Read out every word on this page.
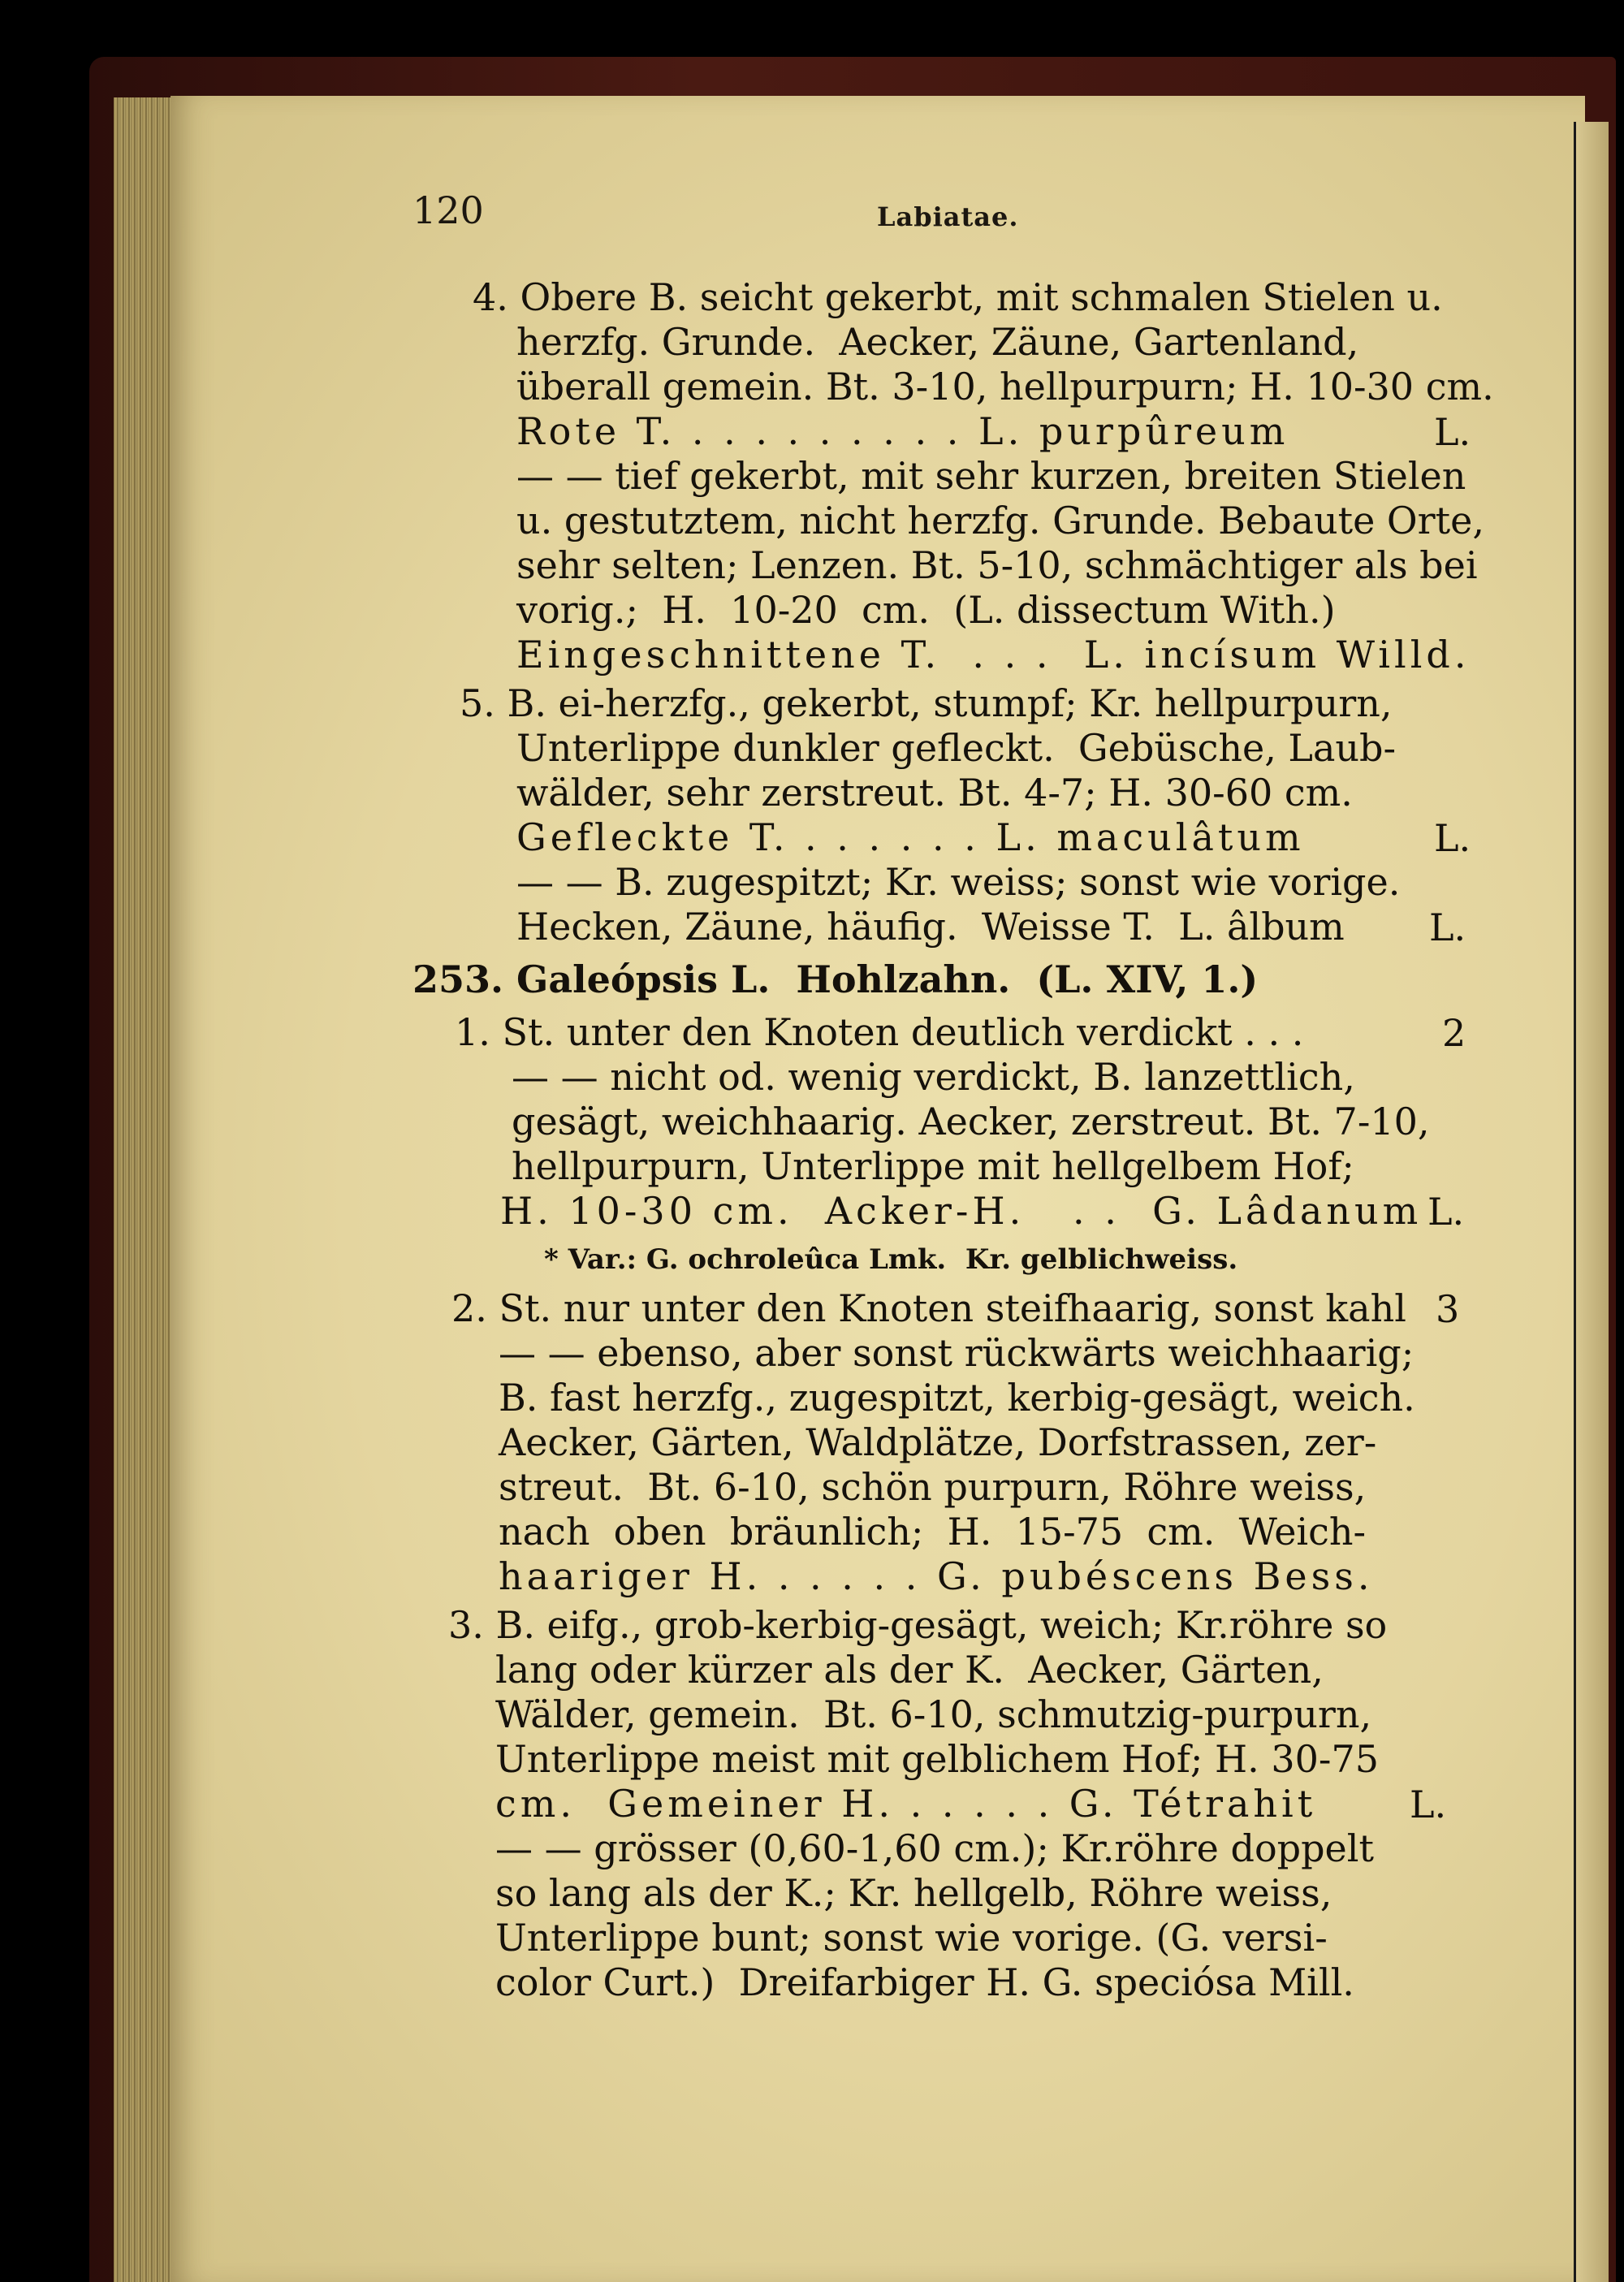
120	Labiatae.
4. Obere B. seicht gekerbt, mit schmalen Stielen u.
herzfg. Grunde.  Aecker, Zäune, Gartenland,
überall gemein. Bt. 3-10, hellpurpurn; H. 10-30 cm.
Rote T. . . . . . . . . . L. purpûreum
— — tief gekerbt, mit sehr kurzen, breiten Stielen
u. gestutztem, nicht herzfg. Grunde. Bebaute Orte,
sehr selten; Lenzen. Bt. 5-10, schmächtiger als bei
vorig.;  H.  10-20  cm.  (L. dissectum With.)
Eingeschnittene T.  . . .  L. incísum Willd.
5. B. ei-herzfg., gekerbt, stumpf; Kr. hellpurpurn,
Unterlippe dunkler gefleckt.  Gebüsche, Laub-
wälder, sehr zerstreut. Bt. 4-7; H. 30-60 cm.
Gefleckte T. . . . . . . L. maculâtum
— — B. zugespitzt; Kr. weiss; sonst wie vorige.
Hecken, Zäune, häufig.  Weisse T.  L. âlbum
253. Galeópsis L.  Hohlzahn.  (L. XIV, 1.)
1. St. unter den Knoten deutlich verdickt . . .
— — nicht od. wenig verdickt, B. lanzettlich,
gesägt, weichhaarig. Aecker, zerstreut. Bt. 7-10,
hellpurpurn, Unterlippe mit hellgelbem Hof;
H. 10-30 cm.  Acker-H.   . .  G. Lâdanum
* Var.: G. ochroleûca Lmk.  Kr. gelblichweiss.
2. St. nur unter den Knoten steifhaarig, sonst kahl
— — ebenso, aber sonst rückwärts weichhaarig;
B. fast herzfg., zugespitzt, kerbig-gesägt, weich.
Aecker, Gärten, Waldplätze, Dorfstrassen, zer-
streut.  Bt. 6-10, schön purpurn, Röhre weiss,
nach  oben  bräunlich;  H.  15-75  cm.  Weich-
haariger H. . . . . . G. pubéscens Bess.
3. B. eifg., grob-kerbig-gesägt, weich; Kr.röhre so
lang oder kürzer als der K.  Aecker, Gärten,
Wälder, gemein.  Bt. 6-10, schmutzig-purpurn,
Unterlippe meist mit gelblichem Hof; H. 30-75
cm.  Gemeiner H. . . . . . G. Tétrahit
— — grösser (0,60-1,60 cm.); Kr.röhre doppelt
so lang als der K.; Kr. hellgelb, Röhre weiss,
Unterlippe bunt; sonst wie vorige. (G. versi-
color Curt.)  Dreifarbiger H. G. speciósa Mill.
L.
L.
L.
2
L.
3
L.
